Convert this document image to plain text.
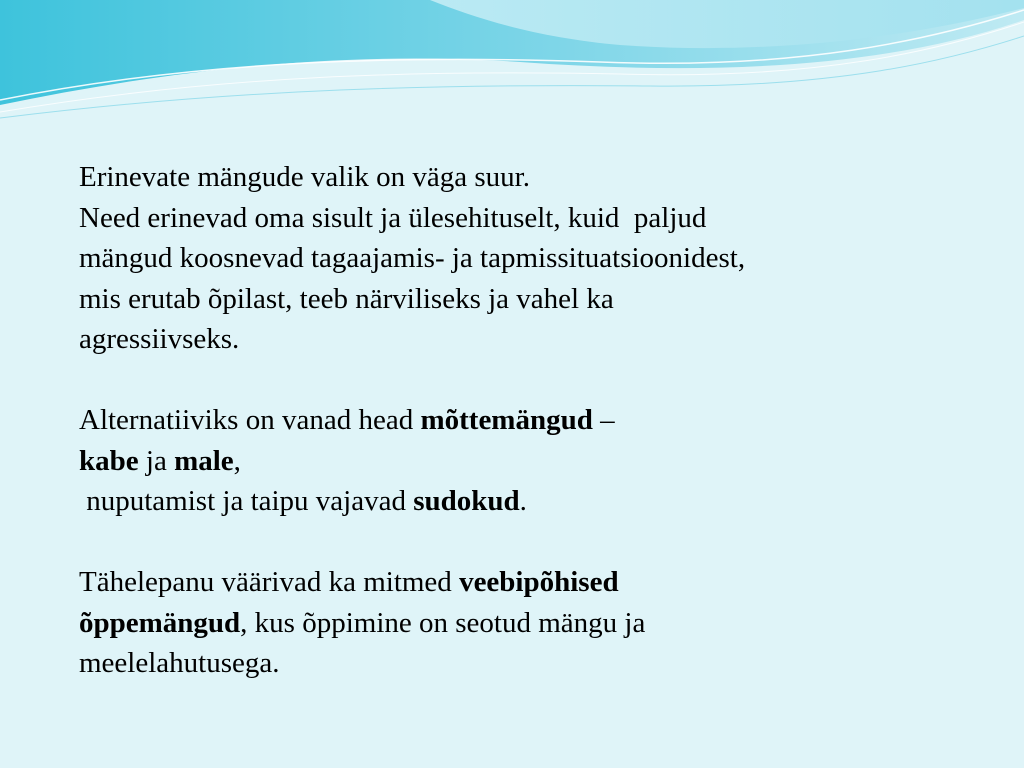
Erinevate mängude valik on väga suur.
Need erinevad oma sisult ja ülesehituselt, kuid  paljud
mängud koosnevad tagaajamis- ja tapmissituatsioonidest,
mis erutab õpilast, teeb närviliseks ja vahel ka
agressiivseks.
Alternatiiviks on vanad head mõttemängud –
kabe ja male,
nuputamist ja taipu vajavad sudokud.
Tähelepanu väärivad ka mitmed veebipõhised
õppemängud, kus õppimine on seotud mängu ja
meelelahutusega.
